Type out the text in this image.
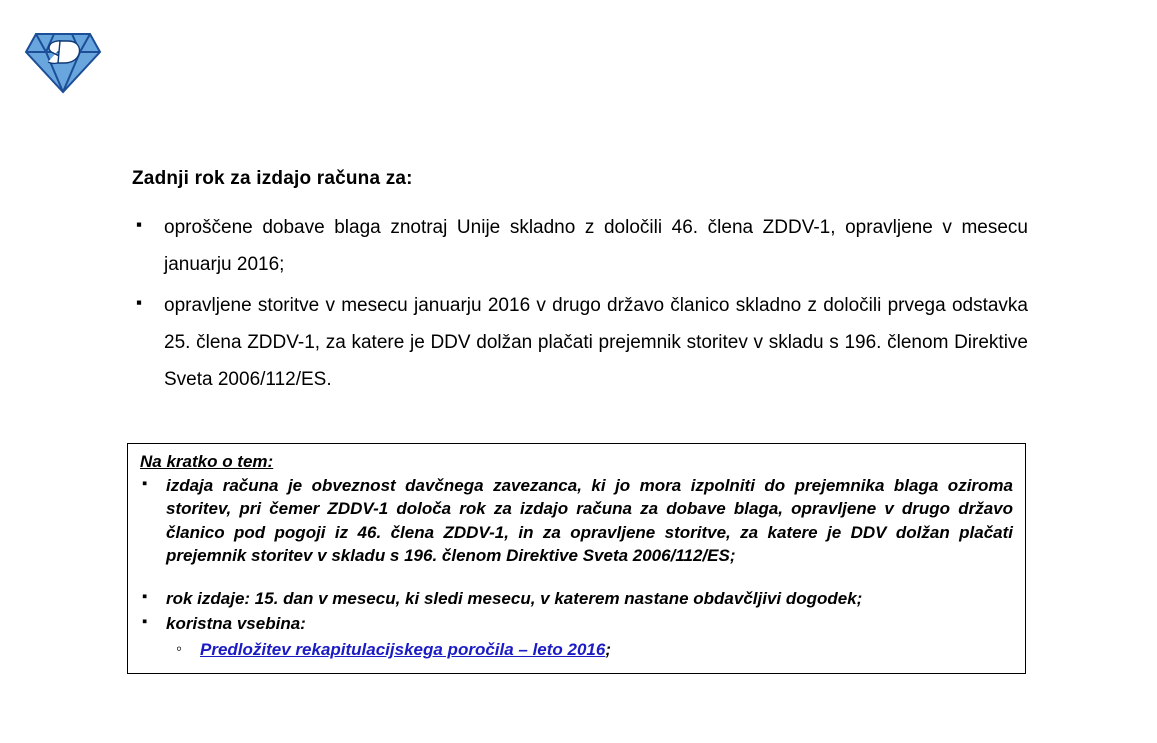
Zadnji rok za izdajo računa za:

▪ oproščene dobave blaga znotraj Unije skladno z določili 46. člena ZDDV-1, opravljene v mesecu januarju 2016;
▪ opravljene storitve v mesecu januarju 2016 v drugo državo članico skladno z določili prvega odstavka 25. člena ZDDV-1, za katere je DDV dolžan plačati prejemnik storitev v skladu s 196. členom Direktive Sveta 2006/112/ES.
Na kratko o tem:
▪ izdaja računa je obveznost davčnega zavezanca, ki jo mora izpolniti do prejemnika blaga oziroma storitev, pri čemer ZDDV-1 določa rok za izdajo računa za dobave blaga, opravljene v drugo državo članico pod pogoji iz 46. člena ZDDV-1, in za opravljene storitve, za katere je DDV dolžan plačati prejemnik storitev v skladu s 196. členom Direktive Sveta 2006/112/ES;
▪ rok izdaje: 15. dan v mesecu, ki sledi mesecu, v katerem nastane obdavčljivi dogodek;
▪ koristna vsebina:
◦ Predložitev rekapitulacijskega poročila – leto 2016;
